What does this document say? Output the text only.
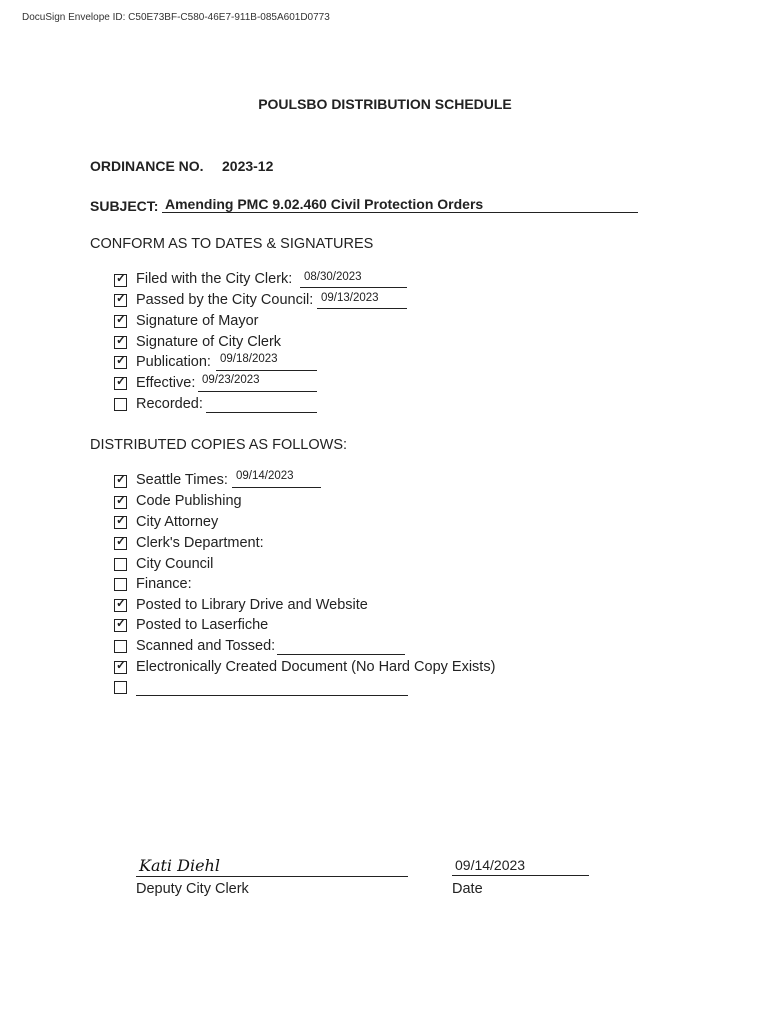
DocuSign Envelope ID: C50E73BF-C580-46E7-911B-085A601D0773
POULSBO DISTRIBUTION SCHEDULE
ORDINANCE NO. 2023-12
SUBJECT: Amending PMC 9.02.460 Civil Protection Orders
CONFORM AS TO DATES & SIGNATURES
✓ Filed with the City Clerk: 08/30/2023
✓ Passed by the City Council: 09/13/2023
✓ Signature of Mayor
✓ Signature of City Clerk
✓ Publication: 09/18/2023
✓ Effective: 09/23/2023
Recorded:
DISTRIBUTED COPIES AS FOLLOWS:
✓ Seattle Times: 09/14/2023
✓ Code Publishing
✓ City Attorney
✓ Clerk's Department:
City Council
Finance:
✓ Posted to Library Drive and Website
✓ Posted to Laserfiche
Scanned and Tossed:
✓ Electronically Created Document (No Hard Copy Exists)
Kati Diehl
Deputy City Clerk
09/14/2023
Date
